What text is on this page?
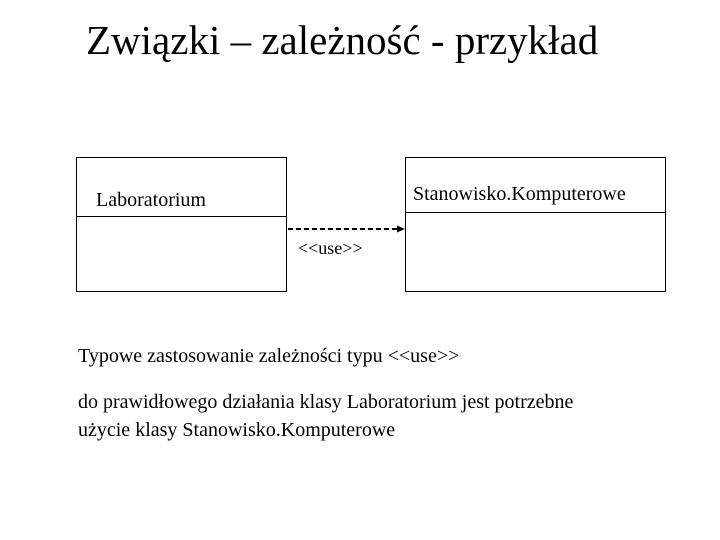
Związki – zależność - przykład
Laboratorium	Stanowisko.Komputerowe
<<use>>
Typowe zastosowanie zależności typu <<use>>
do prawidłowego działania klasy Laboratorium jest potrzebne
użycie klasy Stanowisko.Komputerowe
